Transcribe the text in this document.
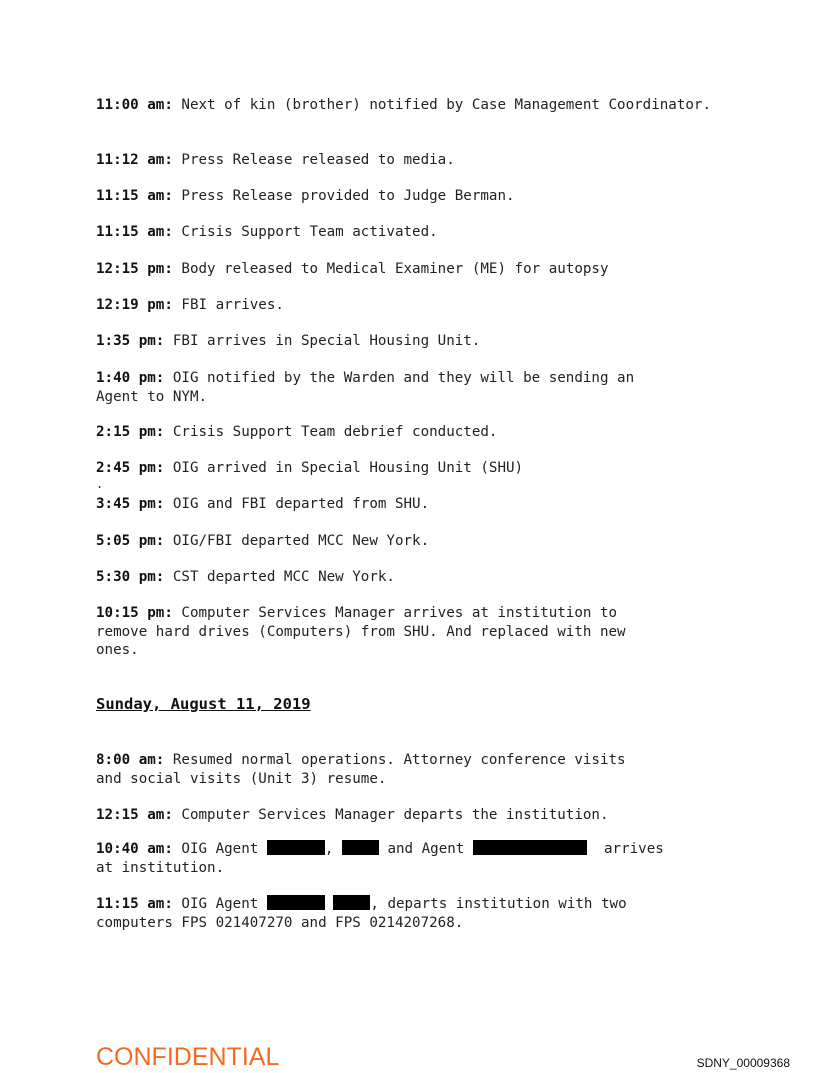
11:00 am: Next of kin (brother) notified by Case Management Coordinator.
11:12 am: Press Release released to media.
11:15 am: Press Release provided to Judge Berman.
11:15 am: Crisis Support Team activated.
12:15 pm: Body released to Medical Examiner (ME) for autopsy
12:19 pm: FBI arrives.
1:35 pm: FBI arrives in Special Housing Unit.
1:40 pm: OIG notified by the Warden and they will be sending an
Agent to NYM.
2:15 pm: Crisis Support Team debrief conducted.
2:45 pm: OIG arrived in Special Housing Unit (SHU)
.
3:45 pm: OIG and FBI departed from SHU.
5:05 pm: OIG/FBI departed MCC New York.
5:30 pm: CST departed MCC New York.
10:15 pm: Computer Services Manager arrives at institution to
remove hard drives (Computers) from SHU. And replaced with new
ones.
Sunday, August 11, 2019
8:00 am: Resumed normal operations. Attorney conference visits
and social visits (Unit 3) resume.
12:15 am: Computer Services Manager departs the institution.
10:40 am: OIG Agent	,	and Agent	arrives
at institution.
11:15 am: OIG Agent	, departs institution with two
computers FPS 021407270 and FPS 0214207268.
CONFIDENTIAL	SDNY_00009368
